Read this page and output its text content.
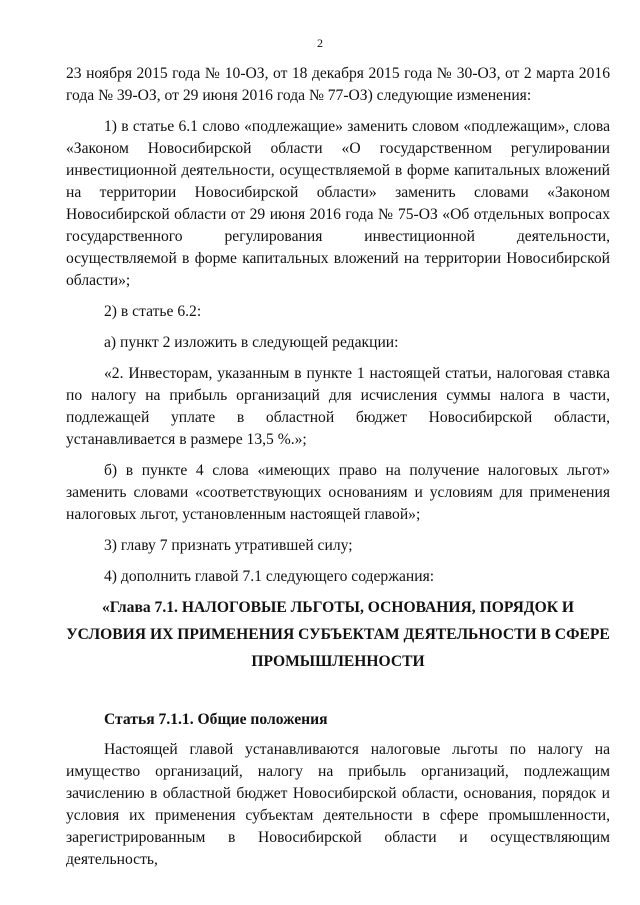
2

23 ноября 2015 года № 10-ОЗ, от 18 декабря 2015 года № 30-ОЗ, от 2 марта 2016 года № 39-ОЗ, от 29 июня 2016 года № 77-ОЗ) следующие изменения:

1) в статье 6.1 слово «подлежащие» заменить словом «подлежащим», слова «Законом Новосибирской области «О государственном регулировании инвестиционной деятельности, осуществляемой в форме капитальных вложений на территории Новосибирской области» заменить словами «Законом Новосибирской области от 29 июня 2016 года № 75-ОЗ «Об отдельных вопросах государственного регулирования инвестиционной деятельности, осуществляемой в форме капитальных вложений на территории Новосибирской области»;

2) в статье 6.2:

а) пункт 2 изложить в следующей редакции:

«2. Инвесторам, указанным в пункте 1 настоящей статьи, налоговая ставка по налогу на прибыль организаций для исчисления суммы налога в части, подлежащей уплате в областной бюджет Новосибирской области, устанавливается в размере 13,5 %.»;

б) в пункте 4 слова «имеющих право на получение налоговых льгот» заменить словами «соответствующих основаниям и условиям для применения налоговых льгот, установленным настоящей главой»;

3) главу 7 признать утратившей силу;

4) дополнить главой 7.1 следующего содержания:

«Глава 7.1. НАЛОГОВЫЕ ЛЬГОТЫ, ОСНОВАНИЯ, ПОРЯДОК И УСЛОВИЯ ИХ ПРИМЕНЕНИЯ СУБЪЕКТАМ ДЕЯТЕЛЬНОСТИ В СФЕРЕ ПРОМЫШЛЕННОСТИ

Статья 7.1.1. Общие положения

Настоящей главой устанавливаются налоговые льготы по налогу на имущество организаций, налогу на прибыль организаций, подлежащим зачислению в областной бюджет Новосибирской области, основания, порядок и условия их применения субъектам деятельности в сфере промышленности, зарегистрированным в Новосибирской области и осуществляющим деятельность,
